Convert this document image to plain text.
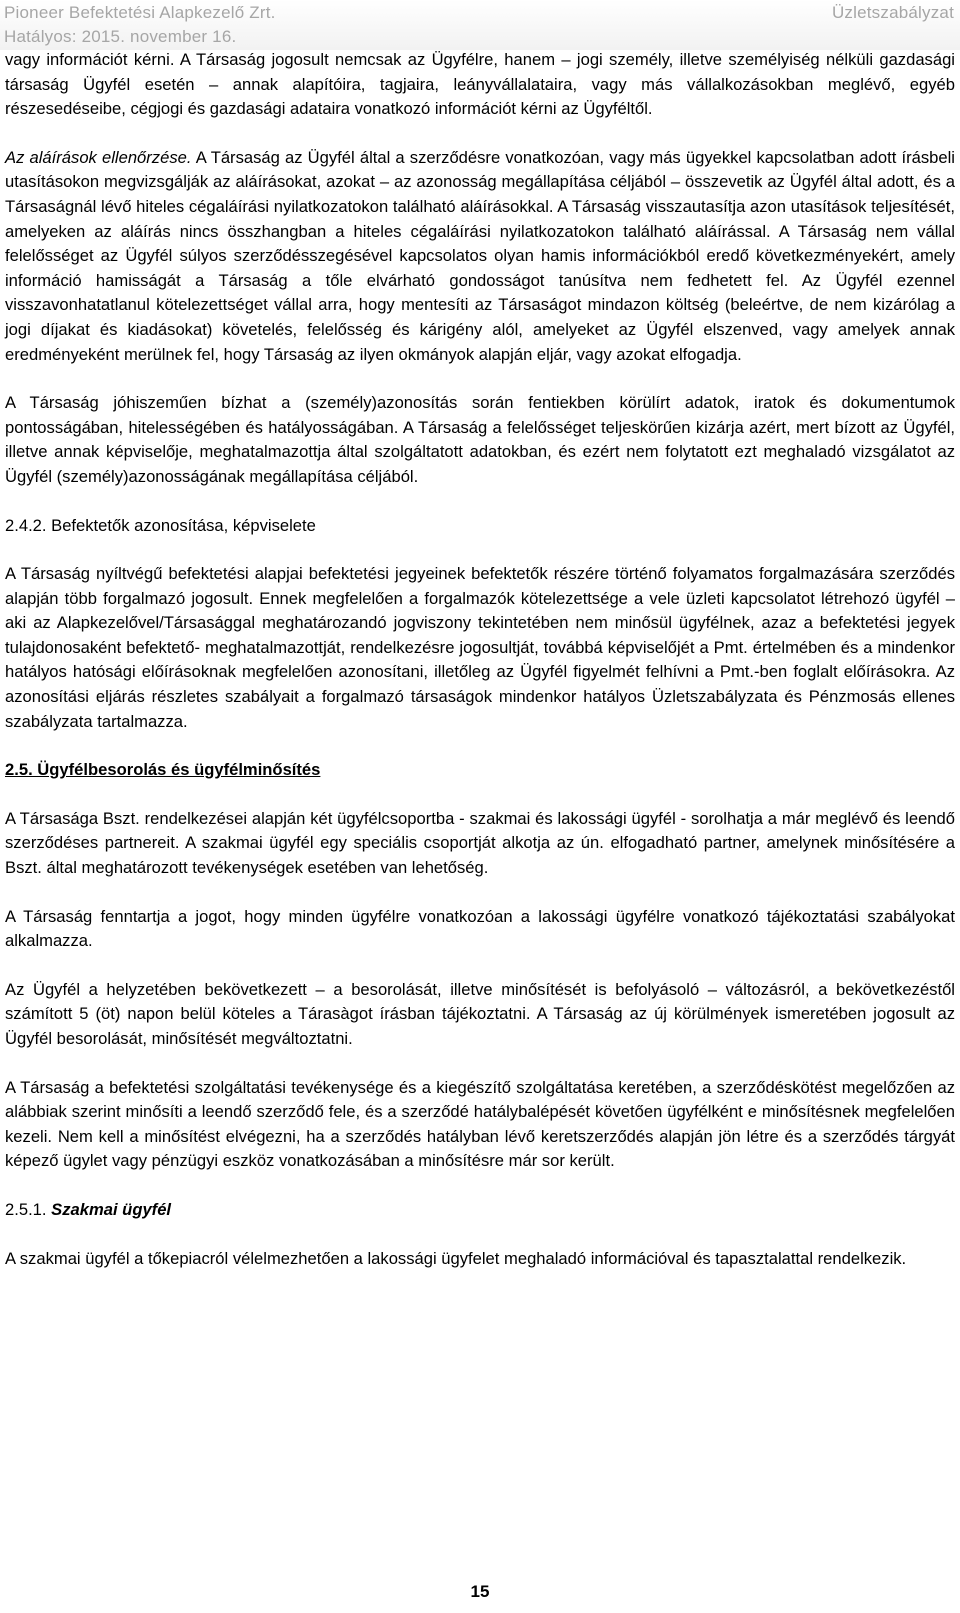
Pioneer Befektetési Alapkezelő Zrt.
Hatályos: 2015. november 16.
Üzletszabályzat

vagy információt kérni. A Társaság jogosult nemcsak az Ügyfélre, hanem – jogi személy, illetve személyiség nélküli gazdasági társaság Ügyfél esetén – annak alapítóira, tagjaira, leányvállalataira, vagy más vállalkozásokban meglévő, egyéb részesedéseibe, cégjogi és gazdasági adataira vonatkozó információt kérni az Ügyféltől.

Az aláírások ellenőrzése. A Társaság az Ügyfél által a szerződésre vonatkozóan, vagy más ügyekkel kapcsolatban adott írásbeli utasításokon megvizsgálják az aláírásokat, azokat – az azonosság megállapítása céljából – összevetik az Ügyfél által adott, és a Társaságnál lévő hiteles cégaláírási nyilatkozatokon található aláírásokkal. A Társaság visszautasítja azon utasítások teljesítését, amelyeken az aláírás nincs összhangban a hiteles cégaláírási nyilatkozatokon található aláírással. A Társaság nem vállal felelősséget az Ügyfél súlyos szerződésszegésével kapcsolatos olyan hamis információkból eredő következményekért, amely információ hamisságát a Társaság a tőle elvárható gondosságot tanúsítva nem fedhetett fel. Az Ügyfél ezennel visszavonhatatlanul kötelezettséget vállal arra, hogy mentesíti az Társaságot mindazon költség (beleértve, de nem kizárólag a jogi díjakat és kiadásokat) követelés, felelősség és kárigény alól, amelyeket az Ügyfél elszenved, vagy amelyek annak eredményeként merülnek fel, hogy Társaság az ilyen okmányok alapján eljár, vagy azokat elfogadja.

A Társaság jóhiszeműen bízhat a (személy)azonosítás során fentiekben körülírt adatok, iratok és dokumentumok pontosságában, hitelességében és hatályosságában. A Társaság a felelősséget teljeskörűen kizárja azért, mert bízott az Ügyfél, illetve annak képviselője, meghatalmazottja által szolgáltatott adatokban, és ezért nem folytatott ezt meghaladó vizsgálatot az Ügyfél (személy)azonosságának megállapítása céljából.

2.4.2. Befektetők azonosítása, képviselete

A Társaság nyíltvégű befektetési alapjai befektetési jegyeinek befektetők részére történő folyamatos forgalmazására szerződés alapján több forgalmazó jogosult. Ennek megfelelően a forgalmazók kötelezettsége a vele üzleti kapcsolatot létrehozó ügyfél – aki az Alapkezelővel/Társasággal meghatározandó jogviszony tekintetében nem minősül ügyfélnek, azaz a befektetési jegyek tulajdonosaként befektető- meghatalmazottját, rendelkezésre jogosultját, továbbá képviselőjét a Pmt. értelmében és a mindenkor hatályos hatósági előírásoknak megfelelően azonosítani, illetőleg az Ügyfél figyelmét felhívni a Pmt.-ben foglalt előírásokra. Az azonosítási eljárás részletes szabályait a forgalmazó társaságok mindenkor hatályos Üzletszabályzata és Pénzmosás ellenes szabályzata tartalmazza.

2.5. Ügyfélbesorolás és ügyfélminősítés

A Társasága Bszt. rendelkezései alapján két ügyfélcsoportba - szakmai és lakossági ügyfél - sorolhatja a már meglévő és leendő szerződéses partnereit. A szakmai ügyfél egy speciális csoportját alkotja az ún. elfogadható partner, amelynek minősítésére a Bszt. által meghatározott tevékenységek esetében van lehetőség.

A Társaság fenntartja a jogot, hogy minden ügyfélre vonatkozóan a lakossági ügyfélre vonatkozó tájékoztatási szabályokat alkalmazza.

Az Ügyfél a helyzetében bekövetkezett – a besorolását, illetve minősítését is befolyásoló – változásról, a bekövetkezéstől számított 5 (öt) napon belül köteles a Tárasàgot írásban tájékoztatni. A Társaság az új körülmények ismeretében jogosult az Ügyfél besorolását, minősítését megváltoztatni.

A Társaság a befektetési szolgáltatási tevékenysége és a kiegészítő szolgáltatása keretében, a szerződéskötést megelőzően az alábbiak szerint minősíti a leendő szerződő fele, és a szerződé hatálybalépését követően ügyfélként e minősítésnek megfelelően kezeli. Nem kell a minősítést elvégezni, ha a szerződés hatályban lévő keretszerződés alapján jön létre és a szerződés tárgyát képező ügylet vagy pénzügyi eszköz vonatkozásában a minősítésre már sor került.

2.5.1. Szakmai ügyfél

A szakmai ügyfél a tőkepiacról vélelmezhetően a lakossági ügyfelet meghaladó információval és tapasztalattal rendelkezik.

15
